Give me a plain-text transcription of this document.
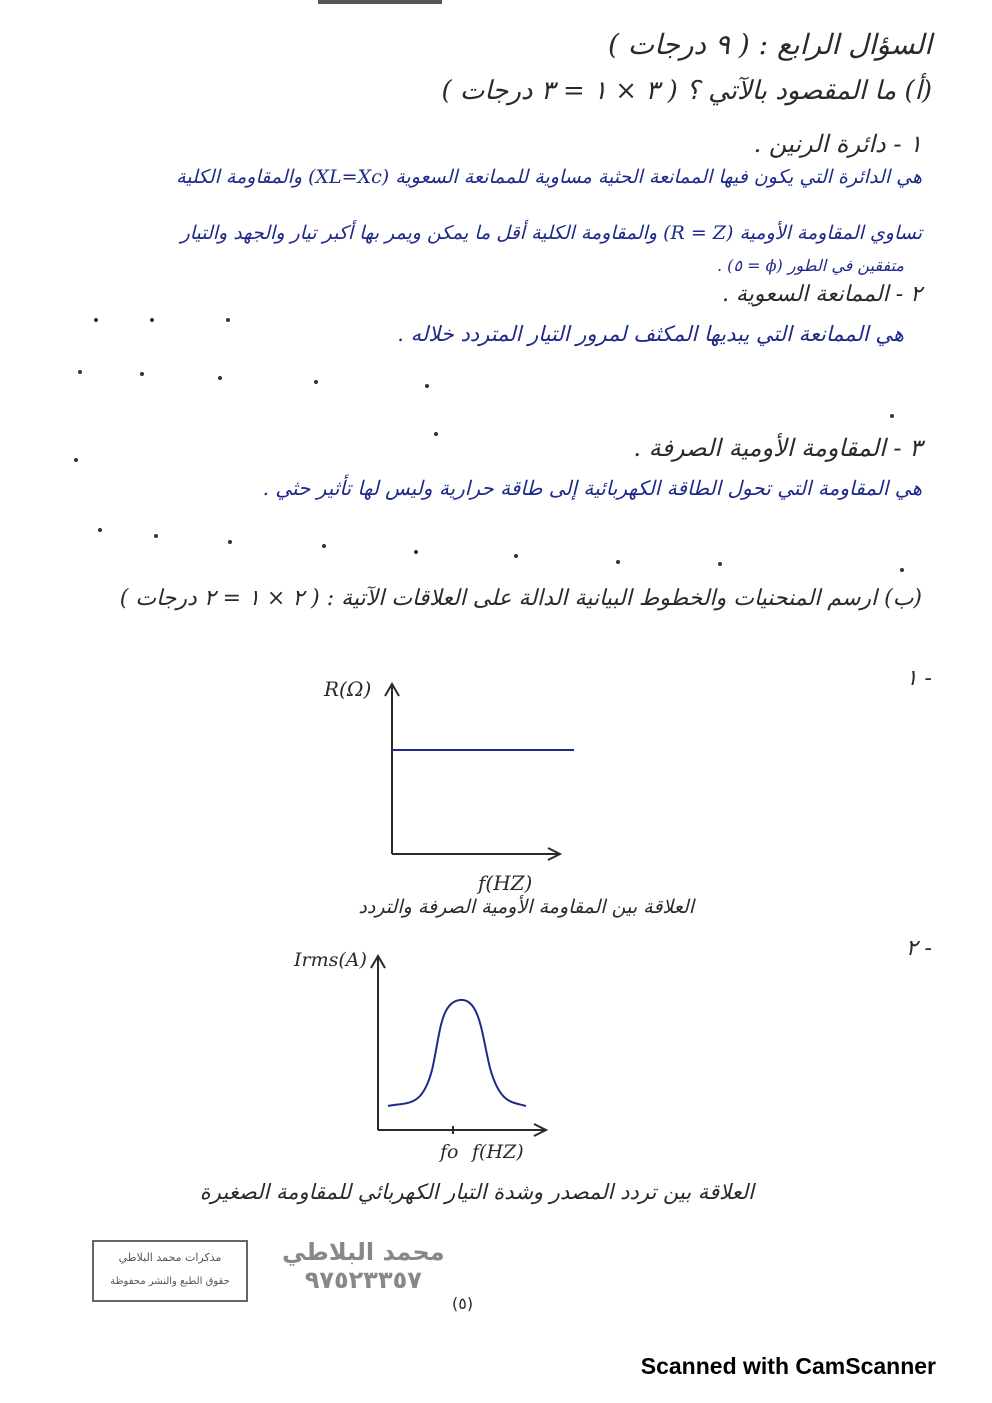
السؤال الرابع : ( ٩ درجات )
(أ) ما المقصود بالآتي ؟ ( ٣ × ١ = ٣ درجات )
١ - دائرة الرنين .
هي الدائرة التي يكون فيها الممانعة الحثية مساوية للممانعة السعوية (XL=Xc) والمقاومة الكلية
تساوي المقاومة الأومية (R = Z) والمقاومة الكلية أقل ما يمكن ويمر بها أكبر تيار والجهد والتيار
متفقين في الطور (ϕ = ٥) .
٢ - الممانعة السعوية .
هي الممانعة التي يبديها المكثف لمرور التيار المتردد خلاله .
٣ - المقاومة الأومية الصرفة .
هي المقاومة التي تحول الطاقة الكهربائية إلى طاقة حرارية وليس لها تأثير حثي .
(ب) ارسم المنحنيات والخطوط البيانية الدالة على العلاقات الآتية : ( ٢ × ١ = ٢ درجات )
١ -
R(Ω)
f(HZ)
العلاقة بين المقاومة الأومية الصرفة والتردد
٢ -
Irms(A)
fo f(HZ)
العلاقة بين تردد المصدر وشدة التيار الكهربائي للمقاومة الصغيرة
مذكرات محمد البلاطي
حقوق الطبع والنشر محفوظة
محمد البلاطي
٩٧٥٢٣٣٥٧
(٥)
Scanned with CamScanner
